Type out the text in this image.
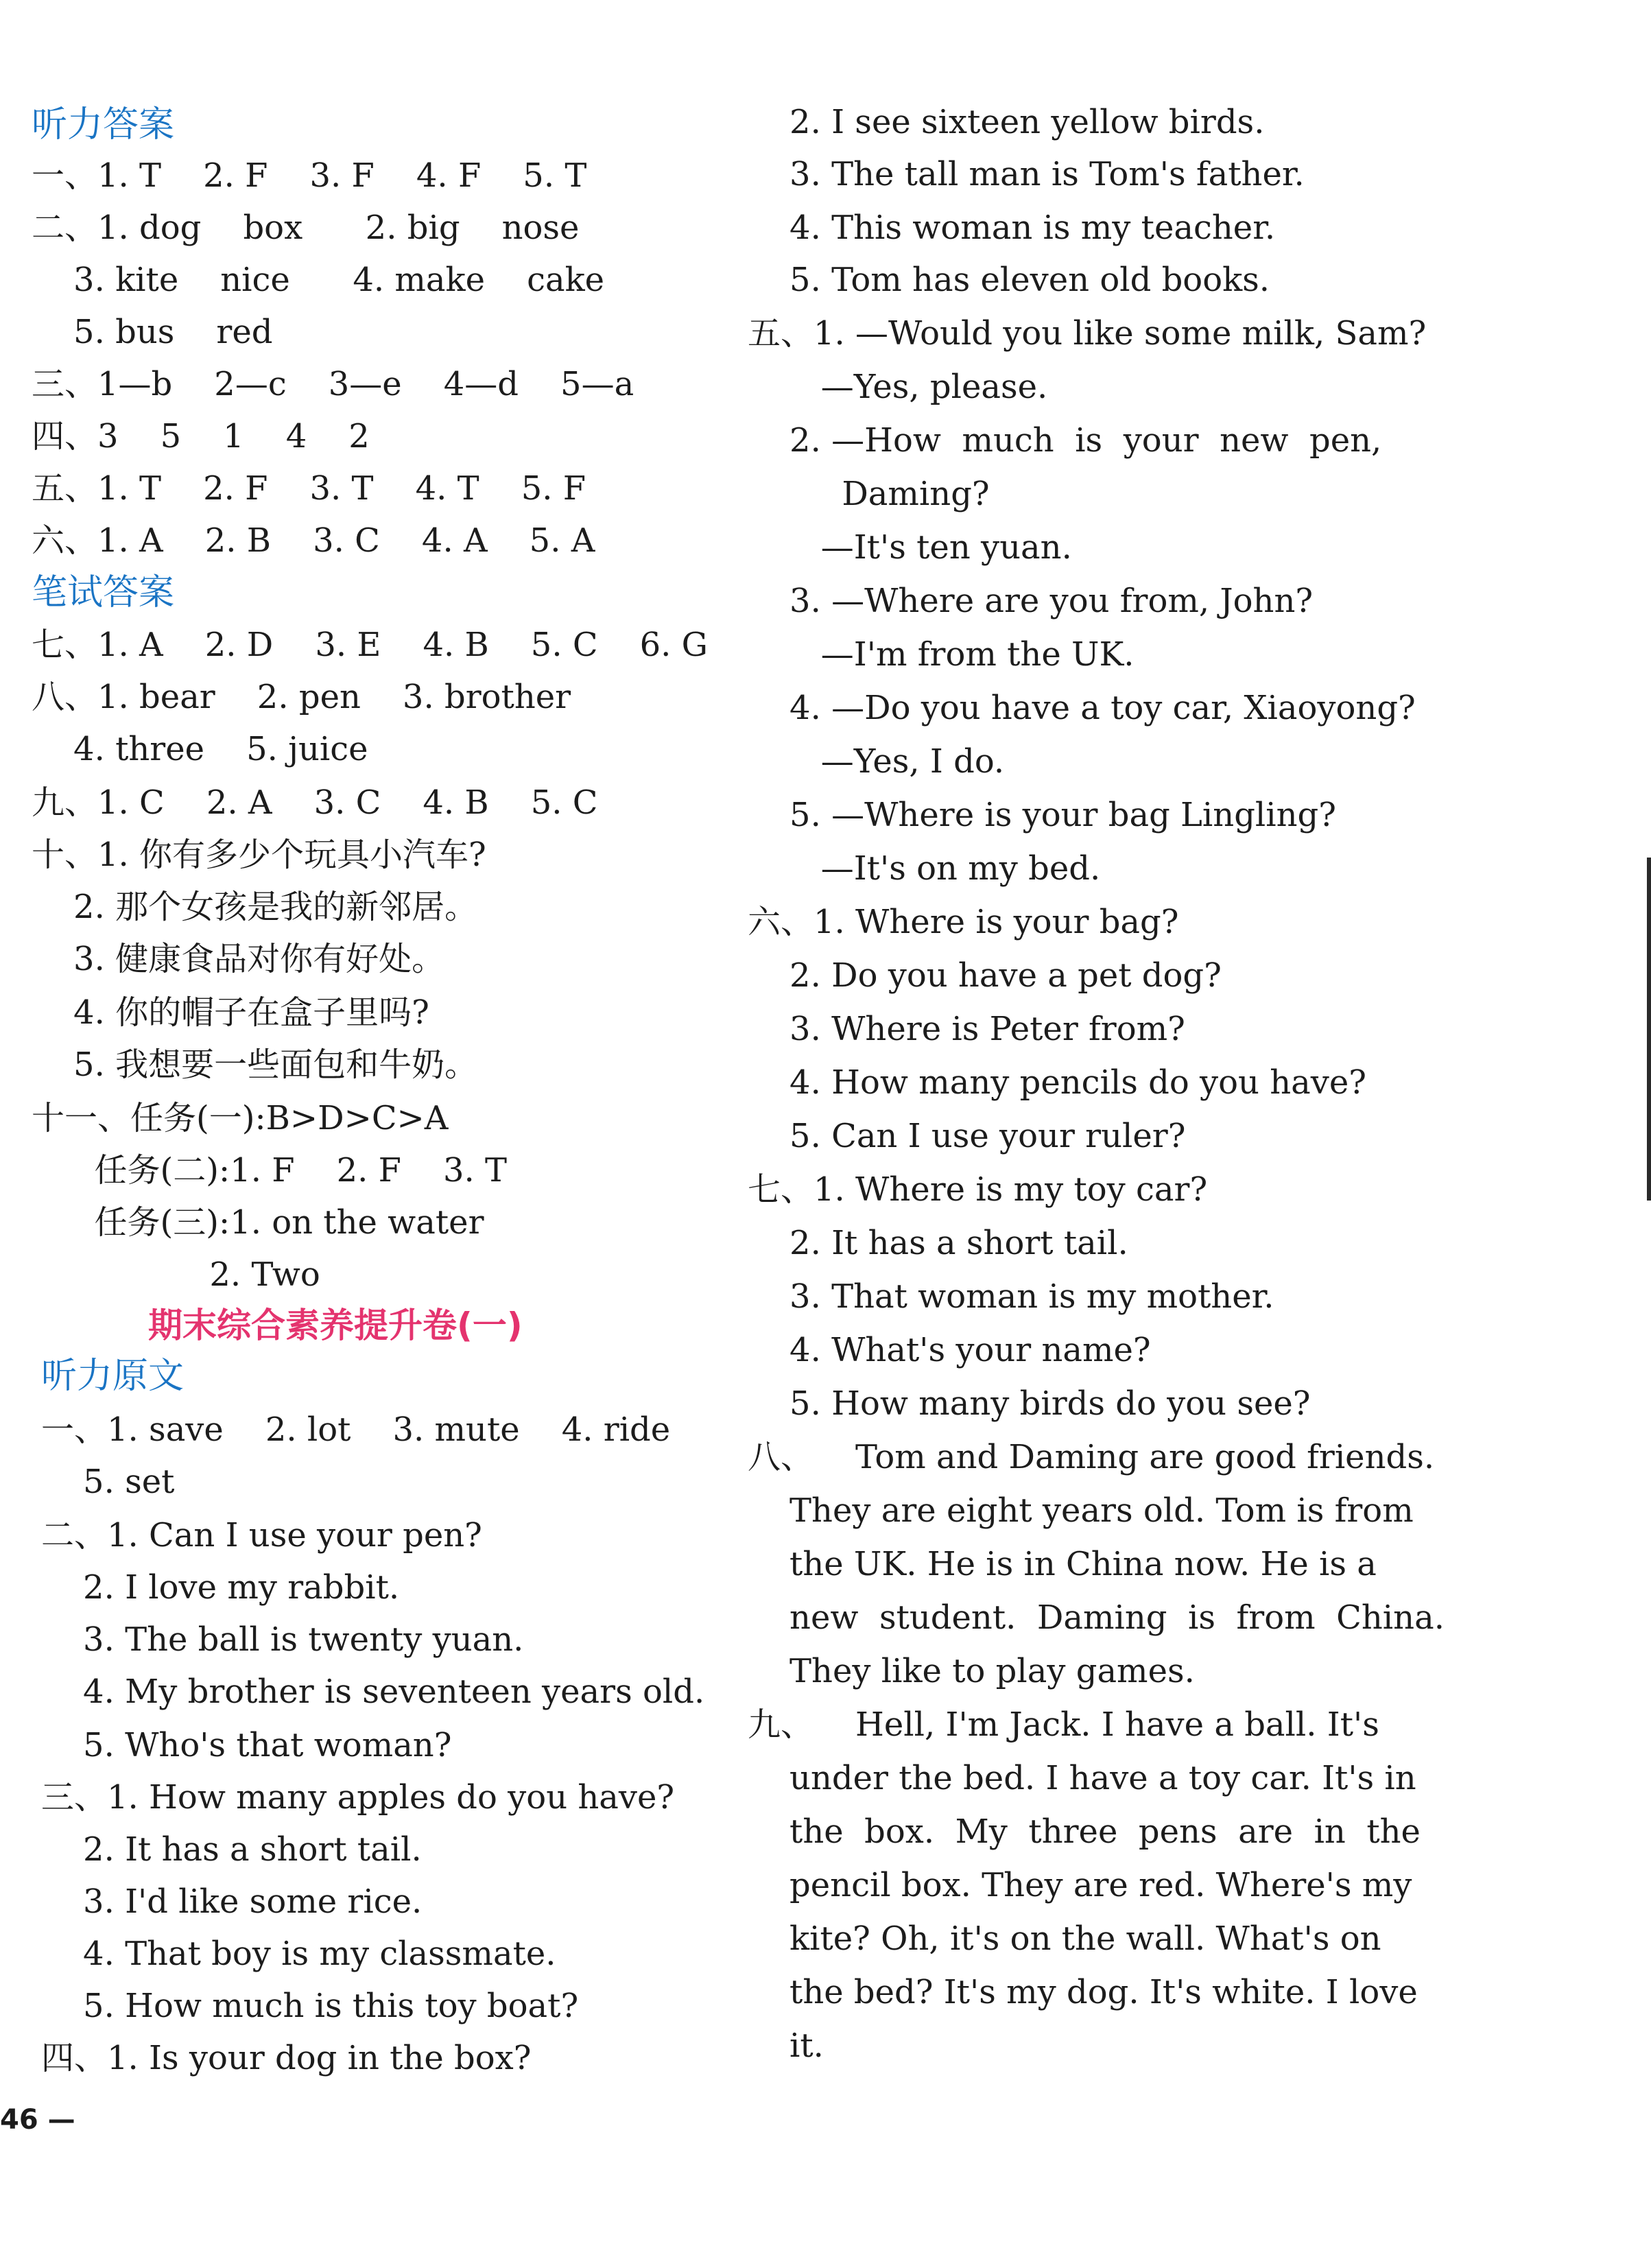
听力答案
一、1. T    2. F    3. F    4. F    5. T
二、1. dog    box      2. big    nose
3. kite    nice      4. make    cake
5. bus    red
三、1—b    2—c    3—e    4—d    5—a
四、3    5    1    4    2
五、1. T    2. F    3. T    4. T    5. F
六、1. A    2. B    3. C    4. A    5. A
笔试答案
七、1. A    2. D    3. E    4. B    5. C    6. G
八、1. bear    2. pen    3. brother
4. three    5. juice
九、1. C    2. A    3. C    4. B    5. C
十、1. 你有多少个玩具小汽车?
2. 那个女孩是我的新邻居。
3. 健康食品对你有好处。
4. 你的帽子在盒子里吗?
5. 我想要一些面包和牛奶。
十一、任务(一):B>D>C>A
任务(二):1. F    2. F    3. T
任务(三):1. on the water
2. Two
期末综合素养提升卷(一)
听力原文
一、1. save    2. lot    3. mute    4. ride
5. set
二、1. Can I use your pen?
2. I love my rabbit.
3. The ball is twenty yuan.
4. My brother is seventeen years old.
5. Who's that woman?
三、1. How many apples do you have?
2. It has a short tail.
3. I'd like some rice.
4. That boy is my classmate.
5. How much is this toy boat?
四、1. Is your dog in the box?
2. I see sixteen yellow birds.
3. The tall man is Tom's father.
4. This woman is my teacher.
5. Tom has eleven old books.
五、1. —Would you like some milk, Sam?
—Yes, please.
2. —How  much  is  your  new  pen,
Daming?
—It's ten yuan.
3. —Where are you from, John?
—I'm from the UK.
4. —Do you have a toy car, Xiaoyong?
—Yes, I do.
5. —Where is your bag Lingling?
—It's on my bed.
六、1. Where is your bag?
2. Do you have a pet dog?
3. Where is Peter from?
4. How many pencils do you have?
5. Can I use your ruler?
七、1. Where is my toy car?
2. It has a short tail.
3. That woman is my mother.
4. What's your name?
5. How many birds do you see?
八、    Tom and Daming are good friends.
They are eight years old. Tom is from
the UK. He is in China now. He is a
new  student.  Daming  is  from  China.
They like to play games.
九、    Hell, I'm Jack. I have a ball. It's
under the bed. I have a toy car. It's in
the  box.  My  three  pens  are  in  the
pencil box. They are red. Where's my
kite? Oh, it's on the wall. What's on
the bed? It's my dog. It's white. I love
it.
46 —
